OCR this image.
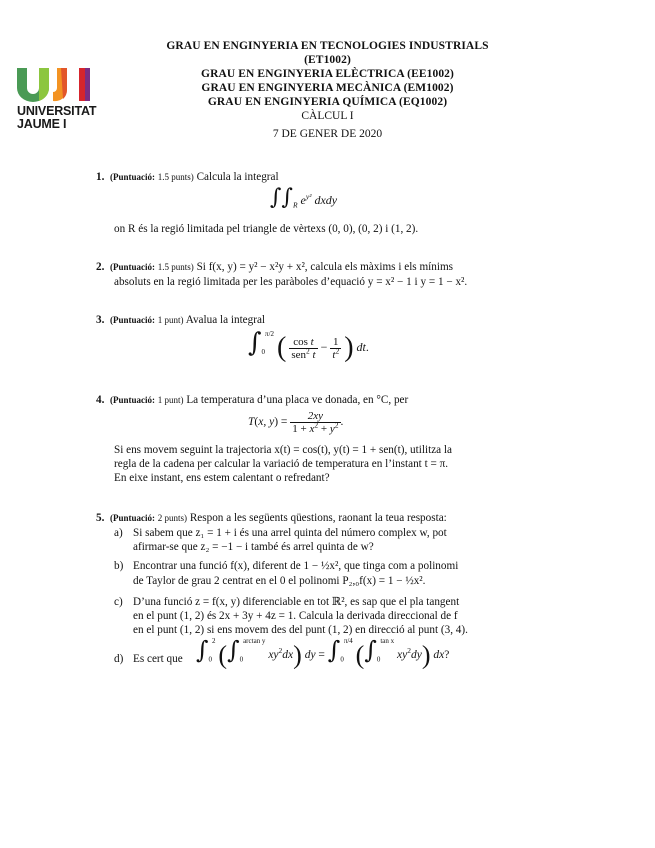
UNIVERSITAT
JAUME I
GRAU EN ENGINYERIA EN TECNOLOGIES INDUSTRIALS
(ET1002)
GRAU EN ENGINYERIA ELÈCTRICA (EE1002)
GRAU EN ENGINYERIA MECÀNICA (EM1002)
GRAU EN ENGINYERIA QUÍMICA (EQ1002)
CÀLCUL I
7 DE GENER DE 2020
1. (Puntuació: 1.5 punts) Calcula la integral
$\int\int_R$ $e^{y^2}$ dxdy
on R és la regió limitada pel triangle de vèrtexs (0, 0), (0, 2) i (1, 2).
2. (Puntuació: 1.5 punts) Si f(x, y) = y² − x²y + x², calcula els màxims i els mínims
absoluts en la regió limitada per les paràboles d’equació y = x² − 1 i y = 1 − x².
3. (Puntuació: 1 punt) Avalua la integral
$\int_0^{\pi/2}$ ( $\frac{\text{cos t}}{sen^2 t} - \frac{1}{t^2}$ ) dt.
4. (Puntuació: 1 punt) La temperatura d’una placa ve donada, en °C, per
T(x, $y) = \frac{2xy}{1 + x^2 + y^2}$ .
Si ens movem seguint la trajectoria x(t) = cos(t), y(t) = 1 + sen(t), utilitza la
regla de la cadena per calcular la variació de temperatura en l’instant t = π.
En eixe instant, ens estem calentant o refredant?
5. (Puntuació: 2 punts) Respon a les següents qüestions, raonant la teua resposta:
a) Si sabem que z₁ = 1 + i és una arrel quinta del número complex w, pot
afirmar-se que z₂ = −1 − i també és arrel quinta de w?
b) Encontrar una funció f(x), diferent de 1 − ½x², que tinga com a polinomi
de Taylor de grau 2 centrat en el 0 el polinomi P₂,₀f(x) = 1 − ½x².
c) D’una funció z = f(x, y) diferenciable en tot ℝ², es sap que el pla tangent
en el punt (1, 2) és 2x + 3y + 4z = 1. Calcula la derivada direccional de f
en el punt (1, 2) si ens movem des del punt (1, 2) en direcció al punt (3, 4).
d) Es cert que $\int_0^2$ ($\int_0^{arctan y}$ $xy^2dx$) dy = $\int_0^{\pi/4}$ ($\int_0^{tan x}$ $xy^2dy$) dx?
